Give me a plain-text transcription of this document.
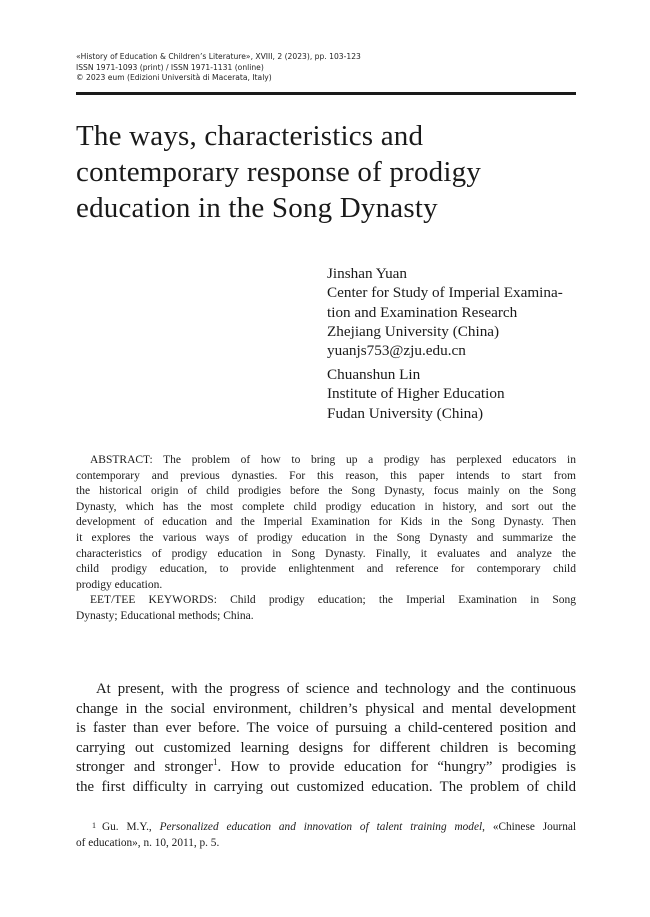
«History of Education & Children’s Literature», XVIII, 2 (2023), pp. 103-123
ISSN 1971-1093 (print) / ISSN 1971-1131 (online)
© 2023 eum (Edizioni Università di Macerata, Italy)
The ways, characteristics and
contemporary response of prodigy
education in the Song Dynasty
Jinshan Yuan
Center for Study of Imperial Examina-
tion and Examination Research
Zhejiang University (China)
yuanjs753@zju.edu.cn
Chuanshun Lin
Institute of Higher Education
Fudan University (China)
ABSTRACT: The problem of how to bring up a prodigy has perplexed educators in
contemporary and previous dynasties. For this reason, this paper intends to start from
the historical origin of child prodigies before the Song Dynasty, focus mainly on the Song
Dynasty, which has the most complete child prodigy education in history, and sort out the
development of education and the Imperial Examination for Kids in the Song Dynasty. Then
it explores the various ways of prodigy education in the Song Dynasty and summarize the
characteristics of prodigy education in Song Dynasty. Finally, it evaluates and analyze the
child prodigy education, to provide enlightenment and reference for contemporary child
prodigy education.
EET/TEE KEYWORDS: Child prodigy education; the Imperial Examination in Song
Dynasty; Educational methods; China.
At present, with the progress of science and technology and the continuous
change in the social environment, children’s physical and mental development
is faster than ever before. The voice of pursuing a child-centered position and
carrying out customized learning designs for different children is becoming
stronger and stronger$^1$. How to provide education for “hungry” prodigies is
the first difficulty in carrying out customized education. The problem of child
1 Gu. M.Y., Personalized education and innovation of talent training model, «Chinese Journal
of education», n. 10, 2011, p. 5.
